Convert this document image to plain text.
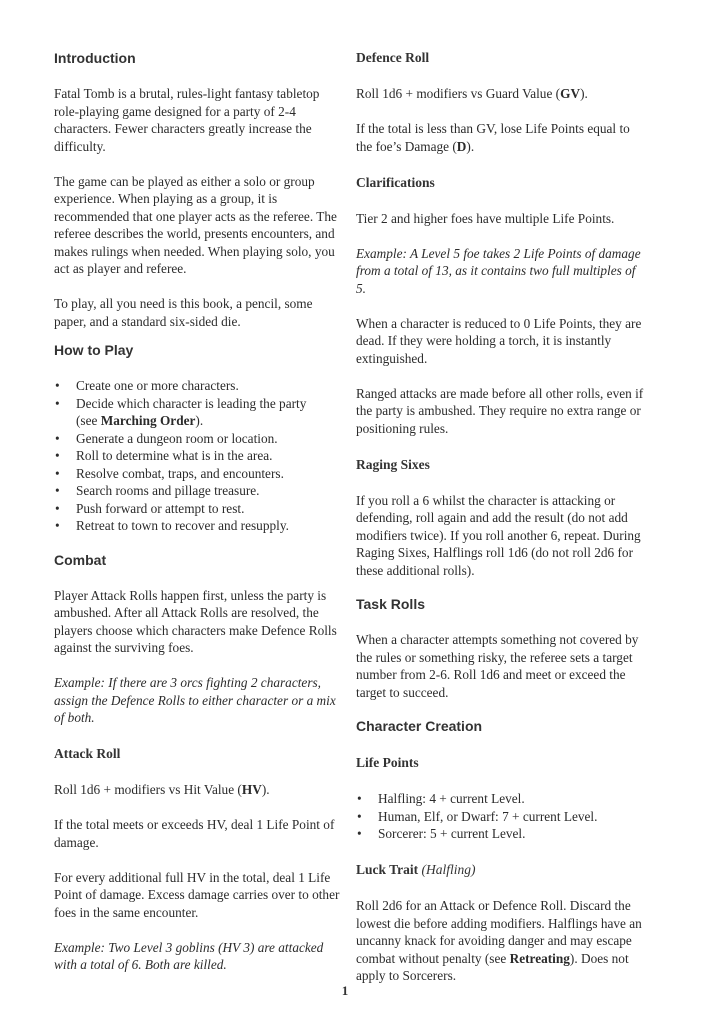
Introduction

Fatal Tomb is a brutal, rules-light fantasy tabletop role-playing game designed for a party of 2-4 characters. Fewer characters greatly increase the difficulty.

The game can be played as either a solo or group experience. When playing as a group, it is recommended that one player acts as the referee. The referee describes the world, presents encounters, and makes rulings when needed. When playing solo, you act as player and referee.

To play, all you need is this book, a pencil, some paper, and a standard six-sided die.

How to Play
• Create one or more characters.
• Decide which character is leading the party
(see Marching Order).
• Generate a dungeon room or location.
• Roll to determine what is in the area.
• Resolve combat, traps, and encounters.
• Search rooms and pillage treasure.
• Push forward or attempt to rest.
• Retreat to town to recover and resupply.
Combat

Player Attack Rolls happen first, unless the party is ambushed. After all Attack Rolls are resolved, the players choose which characters make Defence Rolls against the surviving foes.

Example: If there are 3 orcs fighting 2 characters, assign the Defence Rolls to either character or a mix of both.

Attack Roll

Roll 1d6 + modifiers vs Hit Value (HV).

If the total meets or exceeds HV, deal 1 Life Point of damage.

For every additional full HV in the total, deal 1 Life Point of damage. Excess damage carries over to other foes in the same encounter.

Example: Two Level 3 goblins (HV 3) are attacked with a total of 6. Both are killed.

Defence Roll

Roll 1d6 + modifiers vs Guard Value (GV).

If the total is less than GV, lose Life Points equal to the foe’s Damage (D).

Clarifications

Tier 2 and higher foes have multiple Life Points.

Example: A Level 5 foe takes 2 Life Points of damage from a total of 13, as it contains two full multiples of 5.

When a character is reduced to 0 Life Points, they are dead. If they were holding a torch, it is instantly extinguished.

Ranged attacks are made before all other rolls, even if the party is ambushed. They require no extra range or positioning rules.

Raging Sixes

If you roll a 6 whilst the character is attacking or defending, roll again and add the result (do not add modifiers twice). If you roll another 6, repeat. During Raging Sixes, Halflings roll 1d6 (do not roll 2d6 for these additional rolls).

Task Rolls

When a character attempts something not covered by the rules or something risky, the referee sets a target number from 2-6. Roll 1d6 and meet or exceed the target to succeed.

Character Creation
Life Points
• Halfling: 4 + current Level.
• Human, Elf, or Dwarf: 7 + current Level.
• Sorcerer: 5 + current Level.
Luck Trait (Halfling)

Roll 2d6 for an Attack or Defence Roll. Discard the lowest die before adding modifiers. Halflings have an uncanny knack for avoiding danger and may escape combat without penalty (see Retreating). Does not apply to Sorcerers.

1
